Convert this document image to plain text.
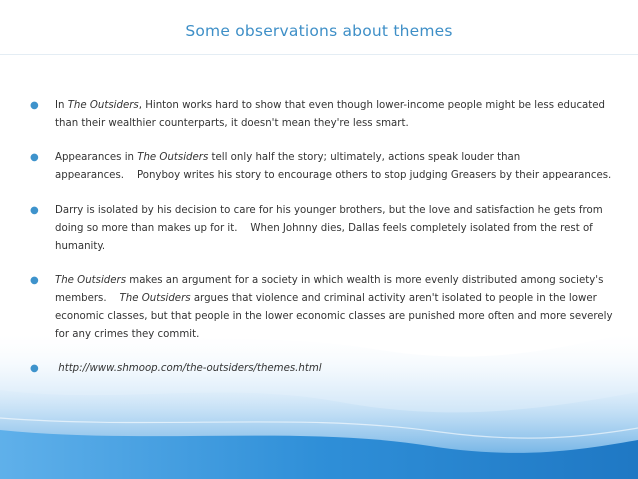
Some observations about themes
● In The Outsiders, Hinton works hard to show that even though lower-income people might be less educated
than their wealthier counterparts, it doesn't mean they're less smart.
● Appearances in The Outsiders tell only half the story; ultimately, actions speak louder than
appearances.    Ponyboy writes his story to encourage others to stop judging Greasers by their appearances.
● Darry is isolated by his decision to care for his younger brothers, but the love and satisfaction he gets from
doing so more than makes up for it.    When Johnny dies, Dallas feels completely isolated from the rest of
humanity.
● The Outsiders makes an argument for a society in which wealth is more evenly distributed among society's
members.    The Outsiders argues that violence and criminal activity aren't isolated to people in the lower
economic classes, but that people in the lower economic classes are punished more often and more severely
for any crimes they commit.
● http://www.shmoop.com/the-outsiders/themes.html
